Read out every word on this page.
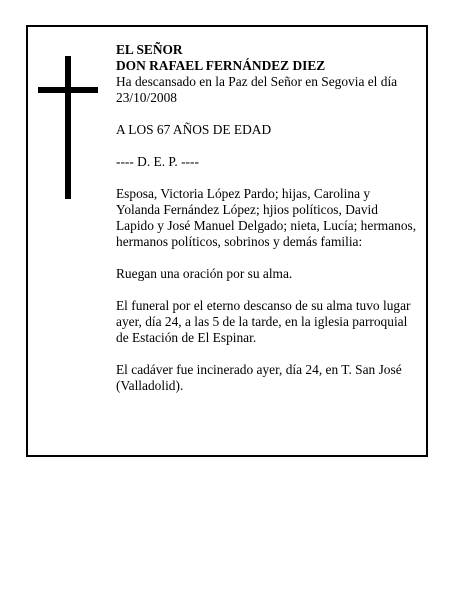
EL SEÑOR

DON RAFAEL FERNÁNDEZ DIEZ

Ha descansado en la Paz del Señor en Segovia el día

23/10/2008

A LOS 67 AÑOS DE EDAD

---- D. E. P. ----

Esposa, Victoria López Pardo; hijas, Carolina y

Yolanda Fernández López; hjios políticos, David

Lapido y José Manuel Delgado; nieta, Lucía; hermanos,

hermanos políticos, sobrinos y demás familia:

Ruegan una oración por su alma.

El funeral por el eterno descanso de su alma tuvo lugar

ayer, día 24, a las 5 de la tarde, en la iglesia parroquial

de Estación de El Espinar.

El cadáver fue incinerado ayer, día 24, en T. San José

(Valladolid).
